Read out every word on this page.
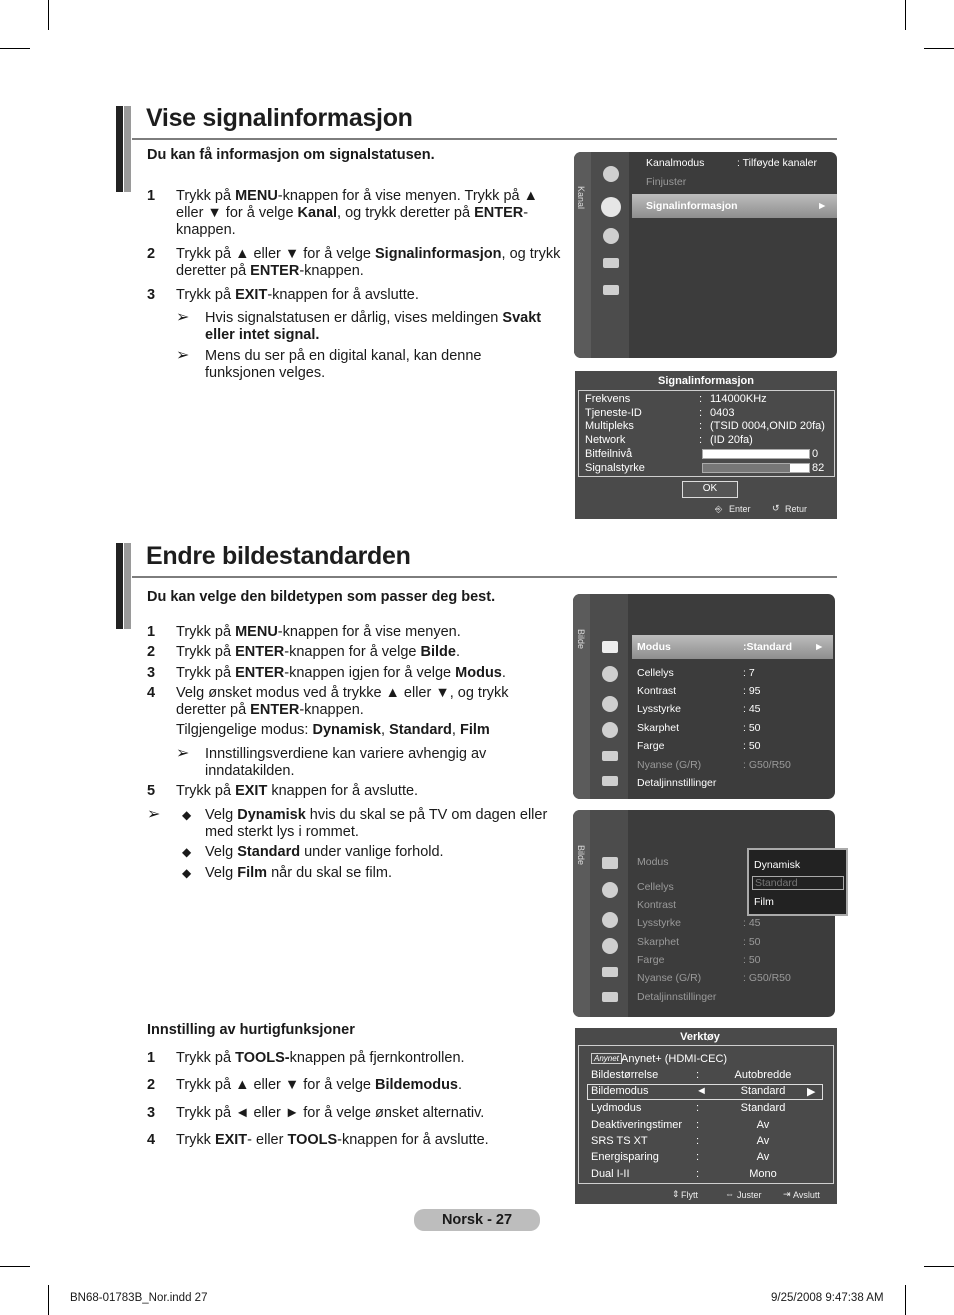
Vise signalinformasjon
Du kan få informasjon om signalstatusen.
1 Trykk på MENU-knappen for å vise menyen. Trykk på ▲ eller ▼ for å velge Kanal, og trykk deretter på ENTER-knappen.
2 Trykk på ▲ eller ▼ for å velge Signalinformasjon, og trykk deretter på ENTER-knappen.
3 Trykk på EXIT-knappen for å avslutte.
➢ Hvis signalstatusen er dårlig, vises meldingen Svakt eller intet signal.
➢ Mens du ser på en digital kanal, kan denne funksjonen velges.
Kanal
Kanalmodus	: Tilføyde kanaler
Finjuster
Signalinformasjon	►
Signalinformasjon
Frekvens	: 114000KHz
Tjeneste-ID	: 0403
Multipleks	: (TSID 0004,ONID 20fa)
Network	: (ID 20fa)
Bitfeilnivå	0
Signalstyrke	82
OK
⎆ Enter ↺ Retur
Endre bildestandarden
Du kan velge den bildetypen som passer deg best.
1 Trykk på MENU-knappen for å vise menyen.
2 Trykk på ENTER-knappen for å velge Bilde.
3 Trykk på ENTER-knappen igjen for å velge Modus.
4 Velg ønsket modus ved å trykke ▲ eller ▼, og trykk deretter på ENTER-knappen.
Tilgjengelige modus: Dynamisk, Standard, Film
➢ Innstillingsverdiene kan variere avhengig av inndatakilden.
5 Trykk på EXIT knappen for å avslutte.
➢ ◆ Velg Dynamisk hvis du skal se på TV om dagen eller med sterkt lys i rommet.
◆ Velg Standard under vanlige forhold.
◆ Velg Film når du skal se film.
Bilde	Modus	:Standard ►
Cellelys	: 7
Kontrast	: 95
Lysstyrke	: 45
Skarphet	: 50
Farge	: 50
Nyanse (G/R)	: G50/R50
Detaljinnstillinger
Bilde	Modus
Cellelys
Kontrast
Lysstyrke	: 45
Skarphet	: 50
Farge	: 50
Nyanse (G/R)	: G50/R50
Detaljinnstillinger
Dynamisk
Standard
Film
Innstilling av hurtigfunksjoner
1 Trykk på TOOLS-knappen på fjernkontrollen.
2 Trykk på ▲ eller ▼ for å velge Bildemodus.
3 Trykk på ◄ eller ► for å velge ønsket alternativ.
4 Trykk EXIT- eller TOOLS-knappen for å avslutte.
Verktøy
Anynet Anynet+ (HDMI-CEC)
Bildestørrelse	:	Autobredde
Bildemodus	◄	Standard	▶
Lydmodus	:	Standard
Deaktiveringstimer :	Av
SRS TS XT	:	Av
Energisparing	:	Av
Dual I-II	:	Mono
⇕ Flytt	⇔ Juster ⇥ Avslutt
Norsk - 27
BN68-01783B_Nor.indd 27	9/25/2008 9:47:38 AM
